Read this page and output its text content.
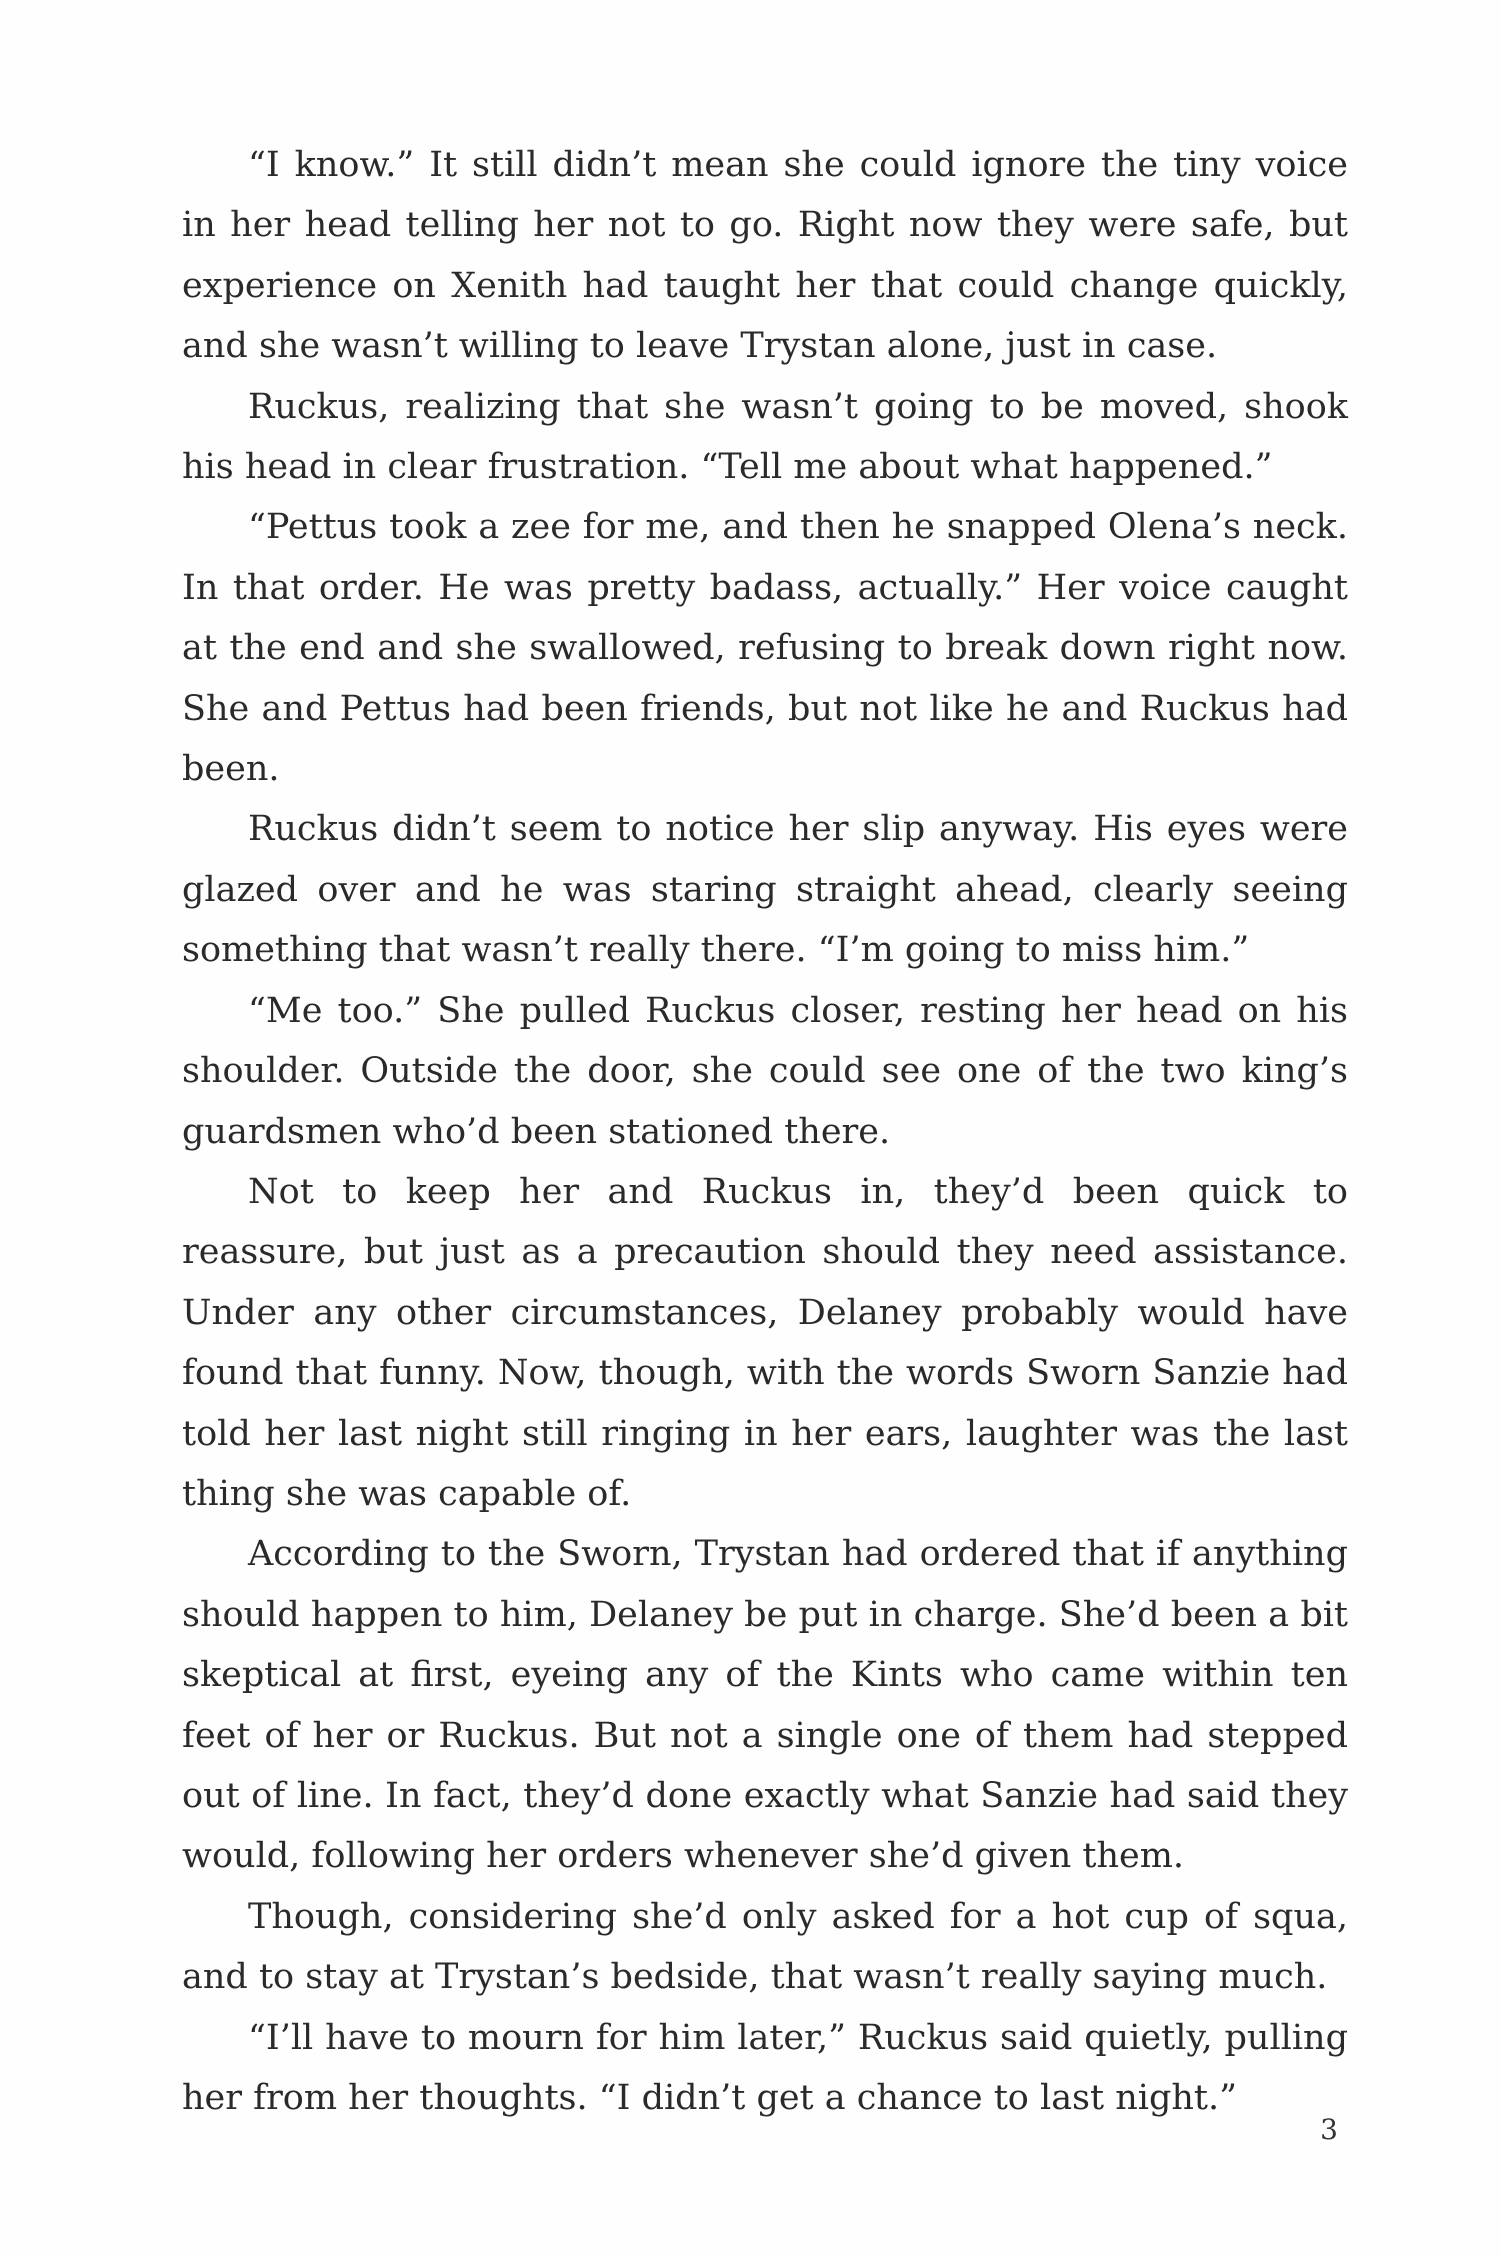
“I know.” It still didn’t mean she could ignore the tiny voice in her head telling her not to go. Right now they were safe, but experience on Xenith had taught her that could change quickly, and she wasn’t willing to leave Trystan alone, just in case.

Ruckus, realizing that she wasn’t going to be moved, shook his head in clear frustration. “Tell me about what happened.”

“Pettus took a zee for me, and then he snapped Olena’s neck. In that order. He was pretty badass, actually.” Her voice caught at the end and she swallowed, refusing to break down right now. She and Pettus had been friends, but not like he and Ruckus had been.

Ruckus didn’t seem to notice her slip anyway. His eyes were glazed over and he was staring straight ahead, clearly seeing something that wasn’t really there. “I’m going to miss him.”

“Me too.” She pulled Ruckus closer, resting her head on his shoulder. Outside the door, she could see one of the two king’s guardsmen who’d been stationed there.

Not to keep her and Ruckus in, they’d been quick to reassure, but just as a precaution should they need assistance. Under any other circumstances, Delaney probably would have found that funny. Now, though, with the words Sworn Sanzie had told her last night still ringing in her ears, laughter was the last thing she was capable of.

According to the Sworn, Trystan had ordered that if anything should happen to him, Delaney be put in charge. She’d been a bit skeptical at first, eyeing any of the Kints who came within ten feet of her or Ruckus. But not a single one of them had stepped out of line. In fact, they’d done exactly what Sanzie had said they would, following her orders whenever she’d given them.

Though, considering she’d only asked for a hot cup of squa, and to stay at Trystan’s bedside, that wasn’t really saying much.

“I’ll have to mourn for him later,” Ruckus said quietly, pulling her from her thoughts. “I didn’t get a chance to last night.”

3
